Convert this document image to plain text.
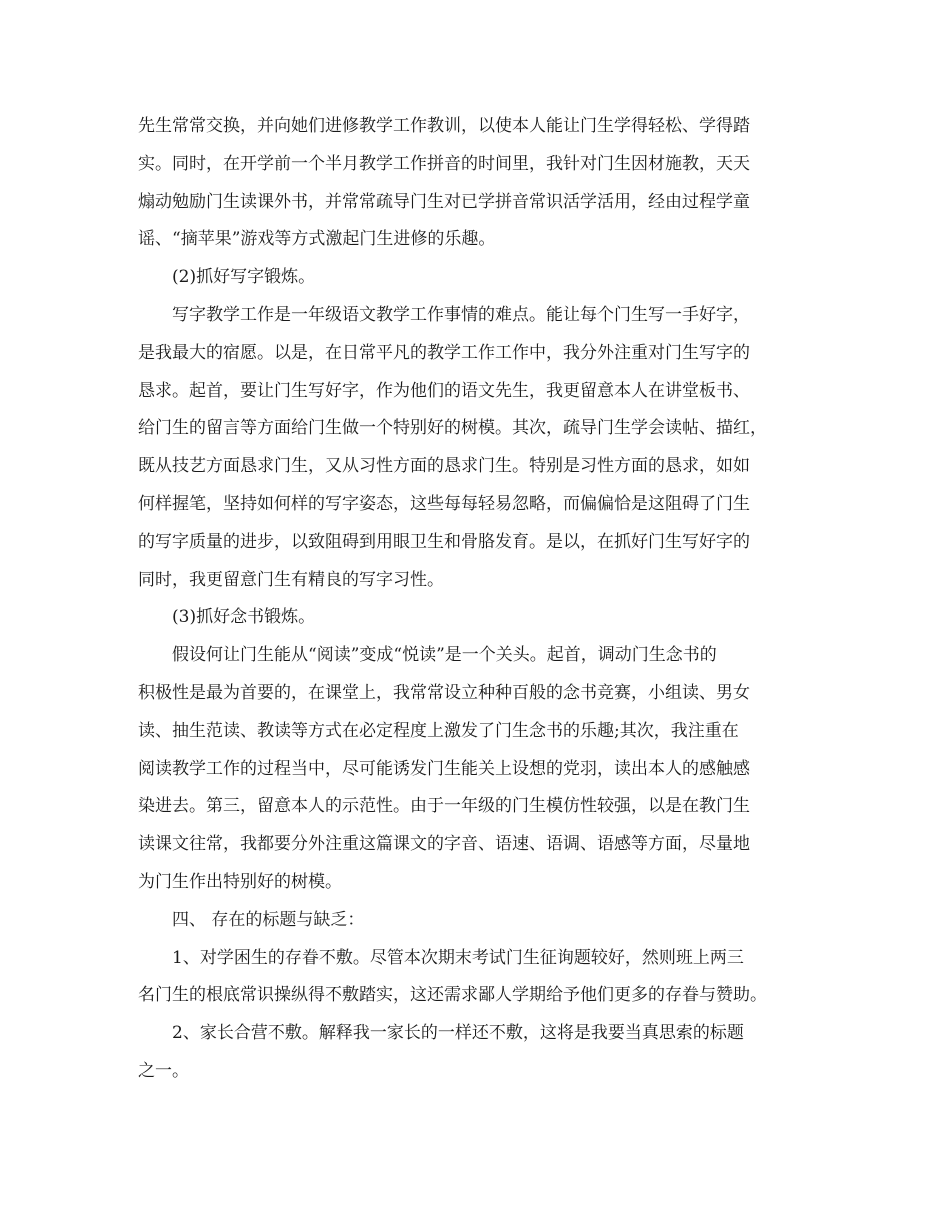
先生常常交换，并向她们进修教学工作教训，以使本人能让门生学得轻松、学得踏
实。同时，在开学前一个半月教学工作拼音的时间里，我针对门生因材施教，天天
煽动勉励门生读课外书，并常常疏导门生对已学拼音常识活学活用，经由过程学童
谣、“摘苹果”游戏等方式激起门生进修的乐趣。
(2)抓好写字锻炼。
写字教学工作是一年级语文教学工作事情的难点。能让每个门生写一手好字，
是我最大的宿愿。以是，在日常平凡的教学工作工作中，我分外注重对门生写字的
恳求。起首，要让门生写好字，作为他们的语文先生，我更留意本人在讲堂板书、
给门生的留言等方面给门生做一个特别好的树模。其次，疏导门生学会读帖、描红，
既从技艺方面恳求门生，又从习性方面的恳求门生。特别是习性方面的恳求，如如
何样握笔，坚持如何样的写字姿态，这些每每轻易忽略，而偏偏恰是这阻碍了门生
的写字质量的进步，以致阻碍到用眼卫生和骨胳发育。是以，在抓好门生写好字的
同时，我更留意门生有精良的写字习性。
(3)抓好念书锻炼。
假设何让门生能从“阅读”变成“悦读”是一个关头。起首，调动门生念书的
积极性是最为首要的，在课堂上，我常常设立种种百般的念书竞赛，小组读、男女
读、抽生范读、教读等方式在必定程度上激发了门生念书的乐趣;其次，我注重在
阅读教学工作的过程当中，尽可能诱发门生能关上设想的党羽，读出本人的感触感
染进去。第三，留意本人的示范性。由于一年级的门生模仿性较强，以是在教门生
读课文往常，我都要分外注重这篇课文的字音、语速、语调、语感等方面，尽量地
为门生作出特别好的树模。
四、 存在的标题与缺乏：
1、对学困生的存眷不敷。尽管本次期末考试门生征询题较好，然则班上两三
名门生的根底常识操纵得不敷踏实，这还需求鄙人学期给予他们更多的存眷与赞助。
2、家长合营不敷。解释我一家长的一样还不敷，这将是我要当真思索的标题
之一。
